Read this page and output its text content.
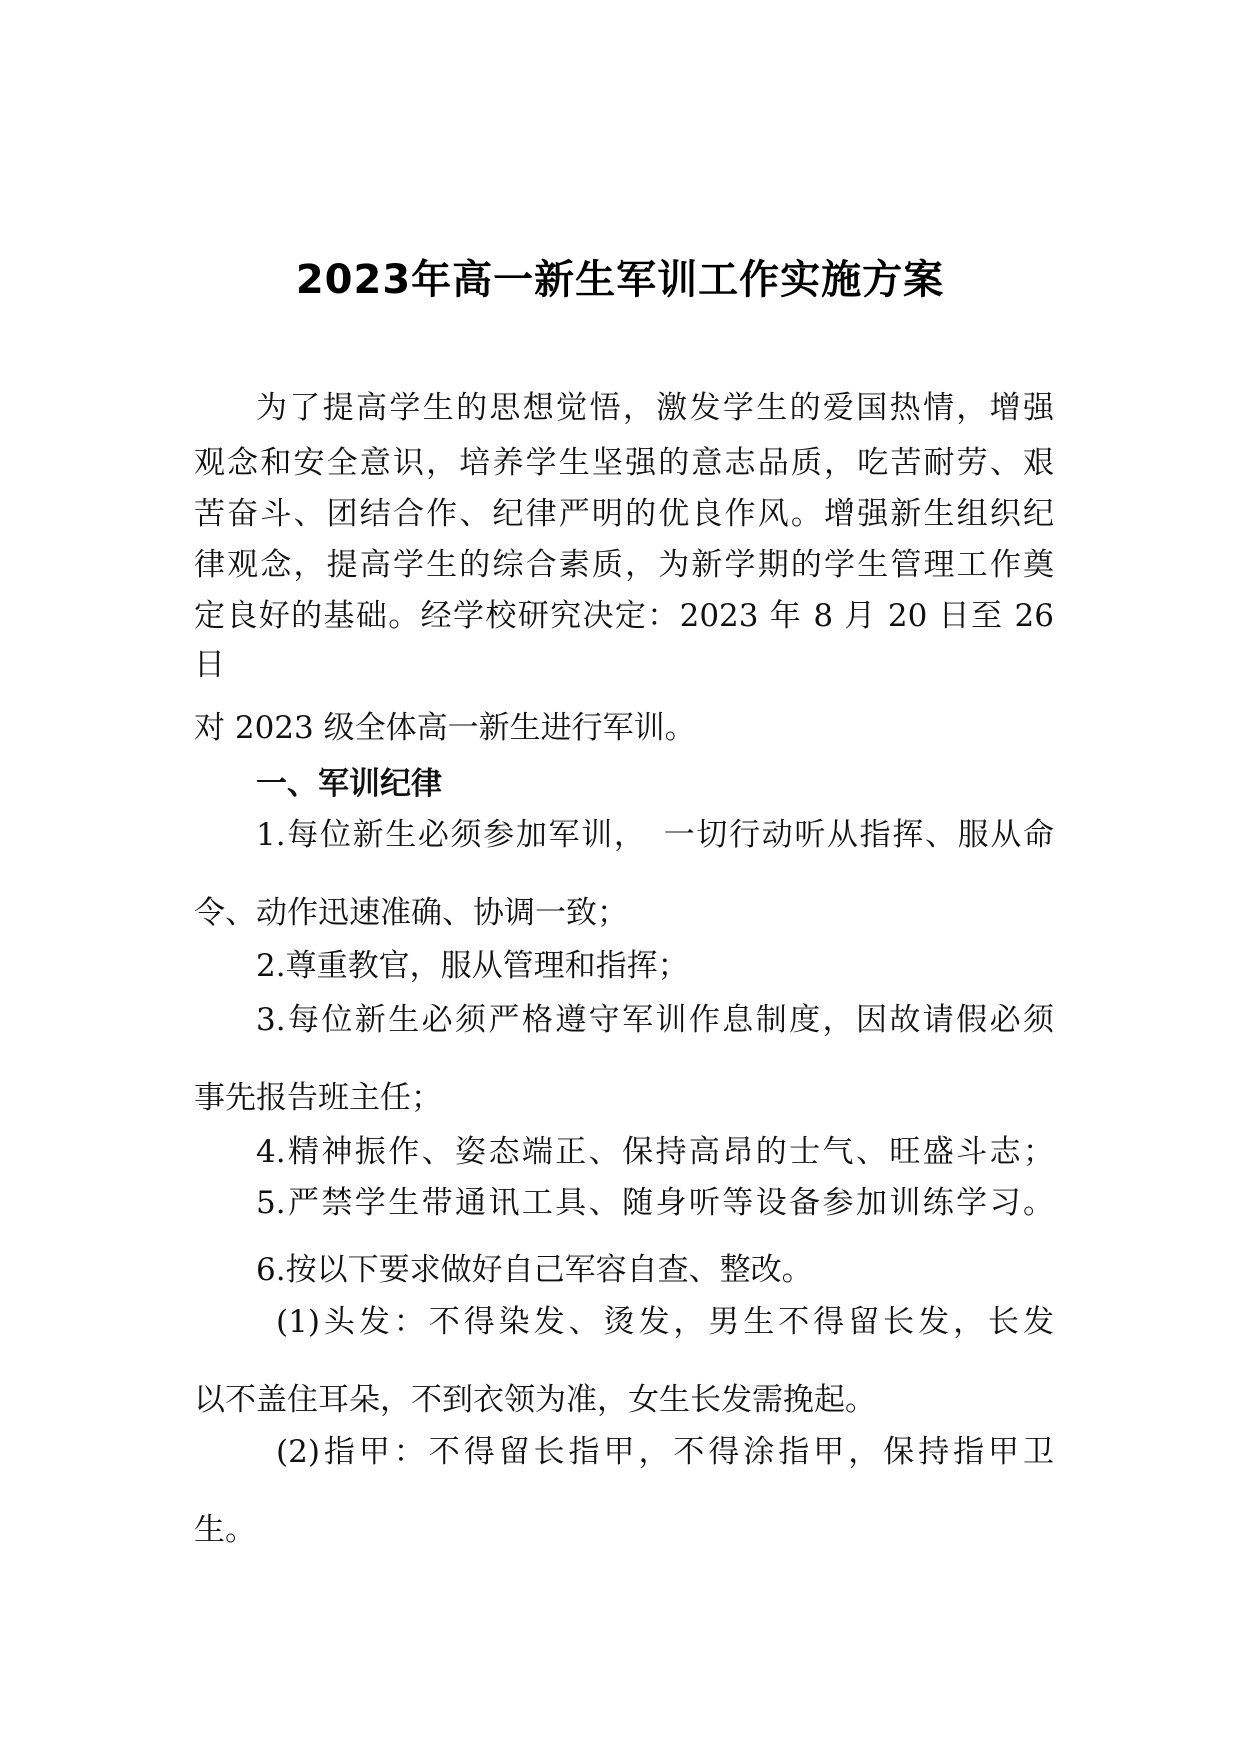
2023年高一新生军训工作实施方案
为了提高学生的思想觉悟，激发学生的爱国热情，增强
观念和安全意识，培养学生坚强的意志品质，吃苦耐劳、艰
苦奋斗、团结合作、纪律严明的优良作风。增强新生组织纪
律观念，提高学生的综合素质，为新学期的学生管理工作奠
定良好的基础。经学校研究决定：2023 年 8 月 20 日至 26
日
对 2023 级全体高一新生进行军训。
一、军训纪律
1.每位新生必须参加军训，　一切行动听从指挥、服从命
令、动作迅速准确、协调一致；
2.尊重教官，服从管理和指挥；
3.每位新生必须严格遵守军训作息制度，因故请假必须
事先报告班主任；
4.精神振作、姿态端正、保持高昂的士气、旺盛斗志；
5.严禁学生带通讯工具、随身听等设备参加训练学习。
6.按以下要求做好自己军容自查、整改。
(1)头发：不得染发、烫发，男生不得留长发，长发
以不盖住耳朵，不到衣领为准，女生长发需挽起。
(2)指甲：不得留长指甲，不得涂指甲，保持指甲卫
生。
